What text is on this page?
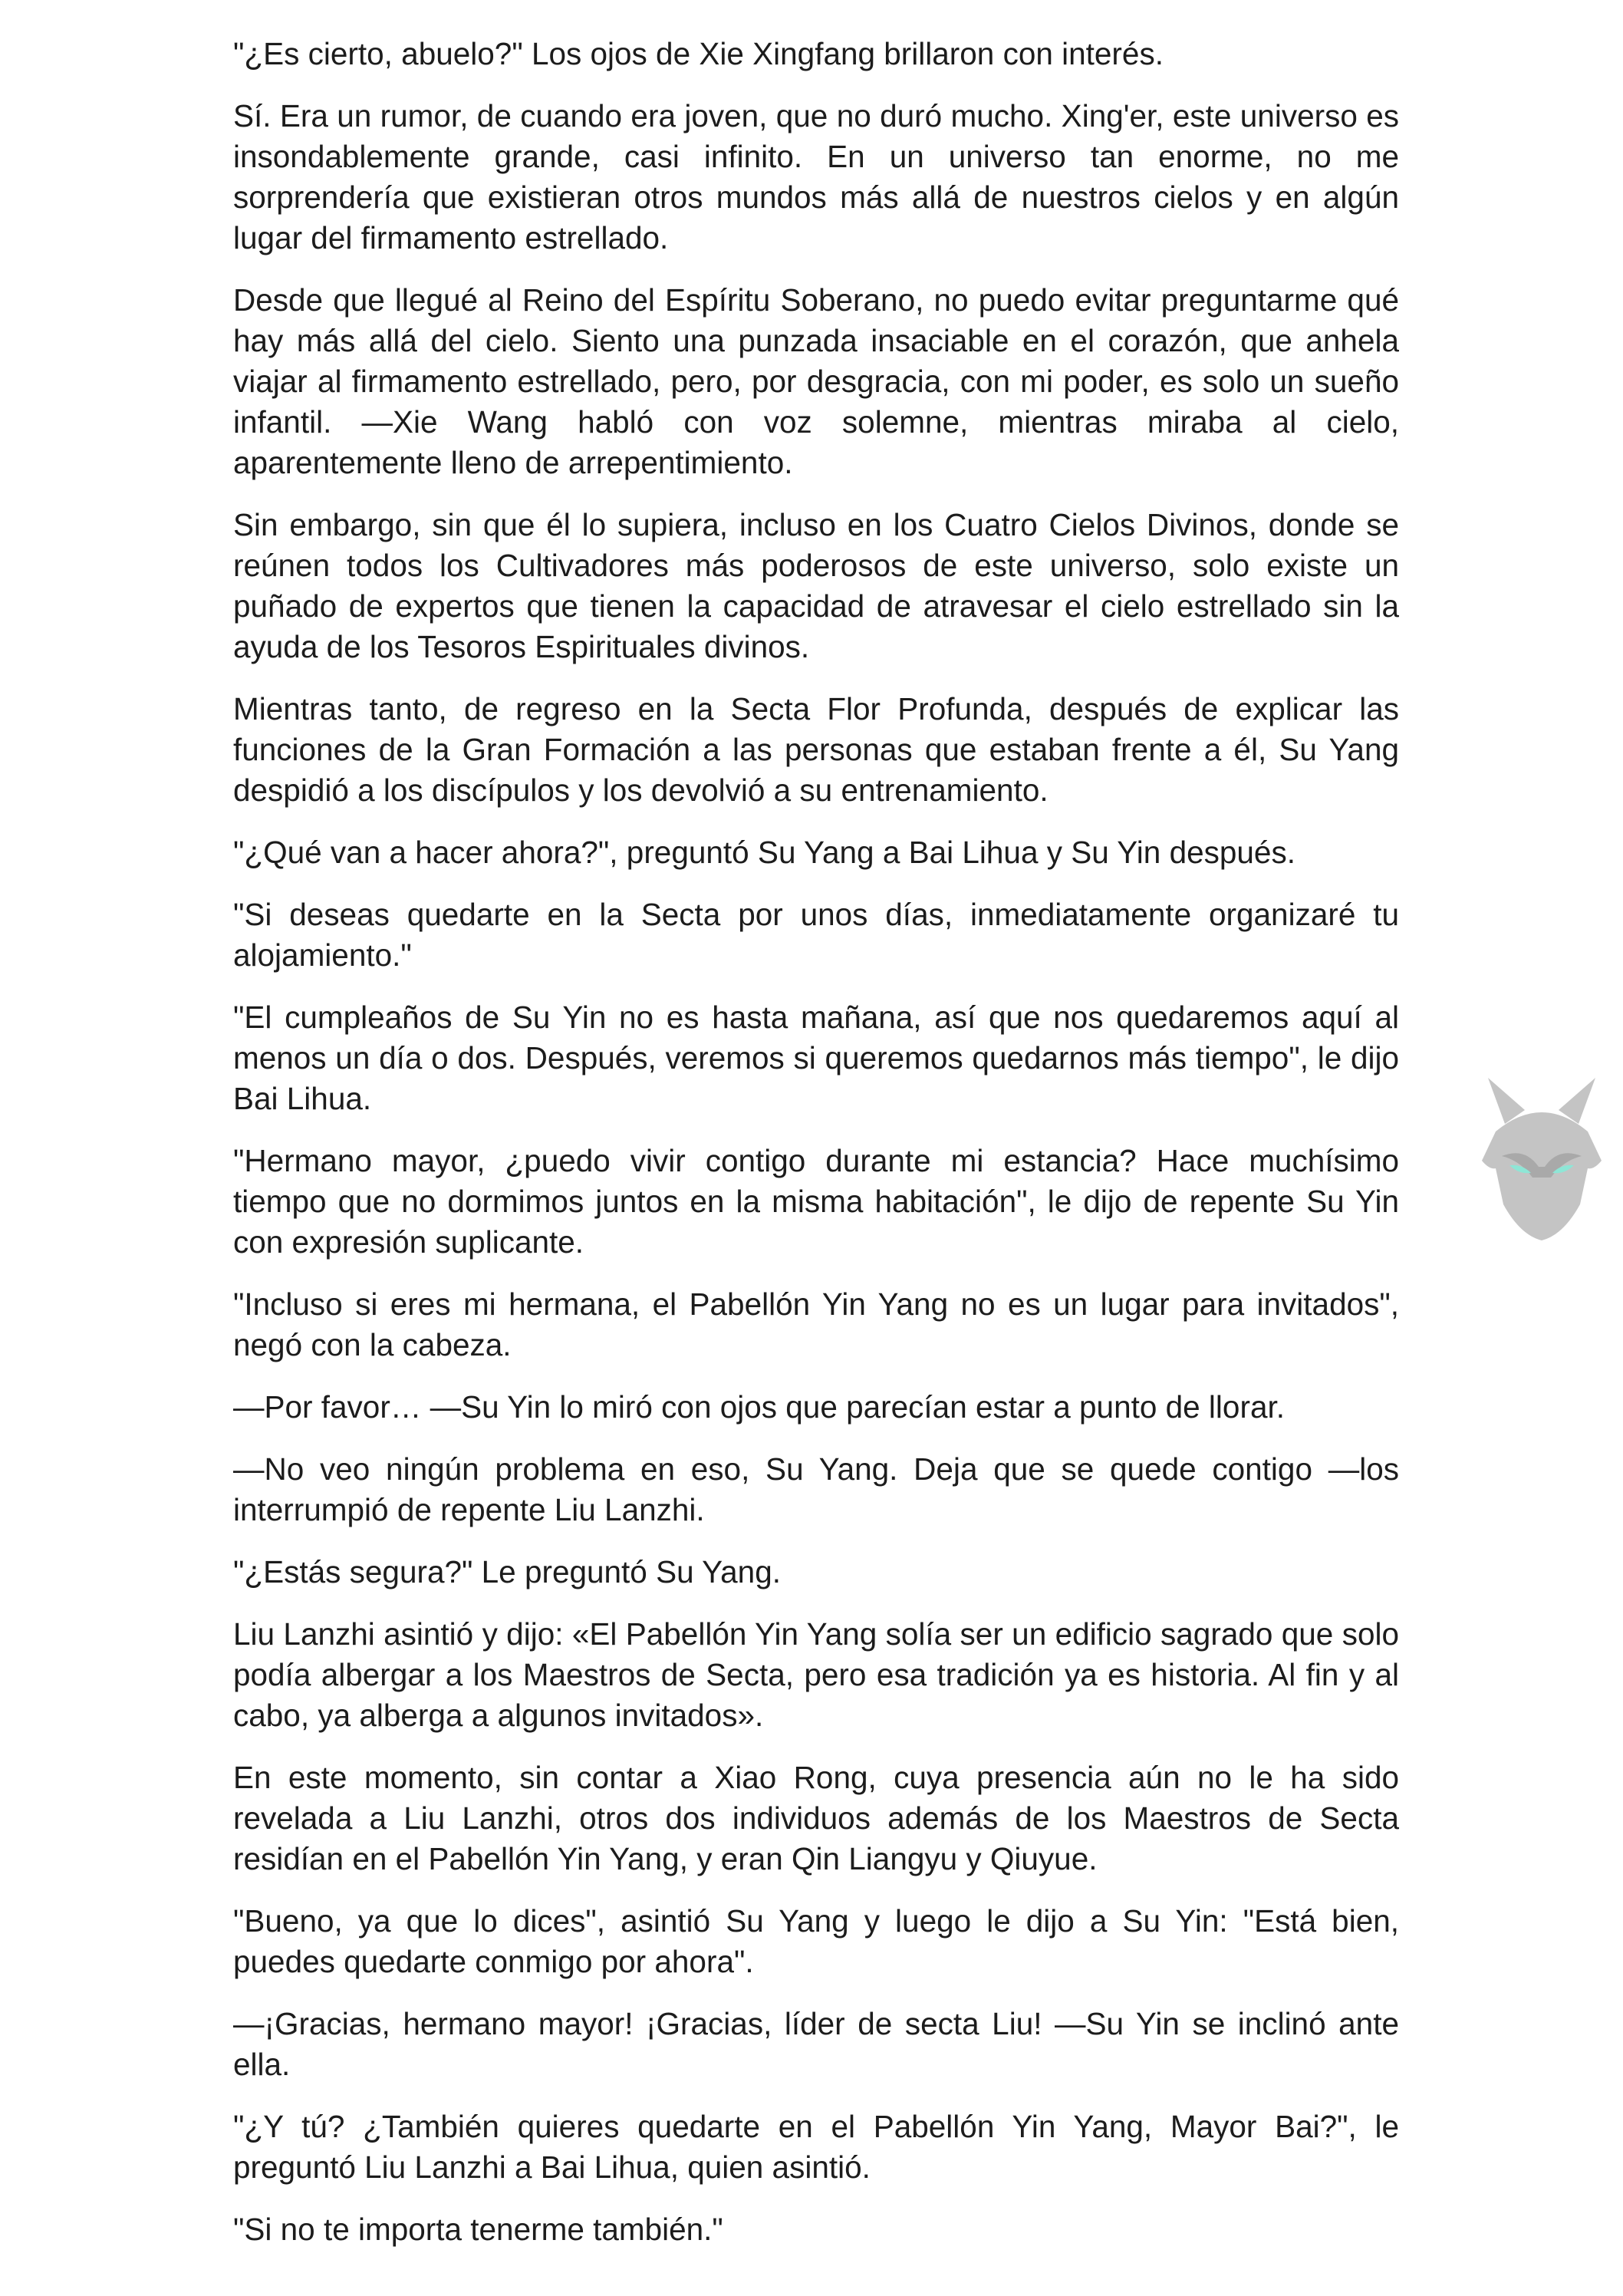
"¿Es cierto, abuelo?" Los ojos de Xie Xingfang brillaron con interés.

Sí. Era un rumor, de cuando era joven, que no duró mucho. Xing'er, este universo es insondablemente grande, casi infinito. En un universo tan enorme, no me sorprendería que existieran otros mundos más allá de nuestros cielos y en algún lugar del firmamento estrellado.

Desde que llegué al Reino del Espíritu Soberano, no puedo evitar preguntarme qué hay más allá del cielo. Siento una punzada insaciable en el corazón, que anhela viajar al firmamento estrellado, pero, por desgracia, con mi poder, es solo un sueño infantil. —Xie Wang habló con voz solemne, mientras miraba al cielo, aparentemente lleno de arrepentimiento.

Sin embargo, sin que él lo supiera, incluso en los Cuatro Cielos Divinos, donde se reúnen todos los Cultivadores más poderosos de este universo, solo existe un puñado de expertos que tienen la capacidad de atravesar el cielo estrellado sin la ayuda de los Tesoros Espirituales divinos.

Mientras tanto, de regreso en la Secta Flor Profunda, después de explicar las funciones de la Gran Formación a las personas que estaban frente a él, Su Yang despidió a los discípulos y los devolvió a su entrenamiento.

"¿Qué van a hacer ahora?", preguntó Su Yang a Bai Lihua y Su Yin después.

"Si deseas quedarte en la Secta por unos días, inmediatamente organizaré tu alojamiento."

"El cumpleaños de Su Yin no es hasta mañana, así que nos quedaremos aquí al menos un día o dos. Después, veremos si queremos quedarnos más tiempo", le dijo Bai Lihua.

"Hermano mayor, ¿puedo vivir contigo durante mi estancia? Hace muchísimo tiempo que no dormimos juntos en la misma habitación", le dijo de repente Su Yin con expresión suplicante.

"Incluso si eres mi hermana, el Pabellón Yin Yang no es un lugar para invitados", negó con la cabeza.

—Por favor… —Su Yin lo miró con ojos que parecían estar a punto de llorar.

—No veo ningún problema en eso, Su Yang. Deja que se quede contigo —los interrumpió de repente Liu Lanzhi.

"¿Estás segura?" Le preguntó Su Yang.

Liu Lanzhi asintió y dijo: «El Pabellón Yin Yang solía ser un edificio sagrado que solo podía albergar a los Maestros de Secta, pero esa tradición ya es historia. Al fin y al cabo, ya alberga a algunos invitados».

En este momento, sin contar a Xiao Rong, cuya presencia aún no le ha sido revelada a Liu Lanzhi, otros dos individuos además de los Maestros de Secta residían en el Pabellón Yin Yang, y eran Qin Liangyu y Qiuyue.

"Bueno, ya que lo dices", asintió Su Yang y luego le dijo a Su Yin: "Está bien, puedes quedarte conmigo por ahora".

—¡Gracias, hermano mayor! ¡Gracias, líder de secta Liu! —Su Yin se inclinó ante ella.

"¿Y tú? ¿También quieres quedarte en el Pabellón Yin Yang, Mayor Bai?", le preguntó Liu Lanzhi a Bai Lihua, quien asintió.

"Si no te importa tenerme también."
